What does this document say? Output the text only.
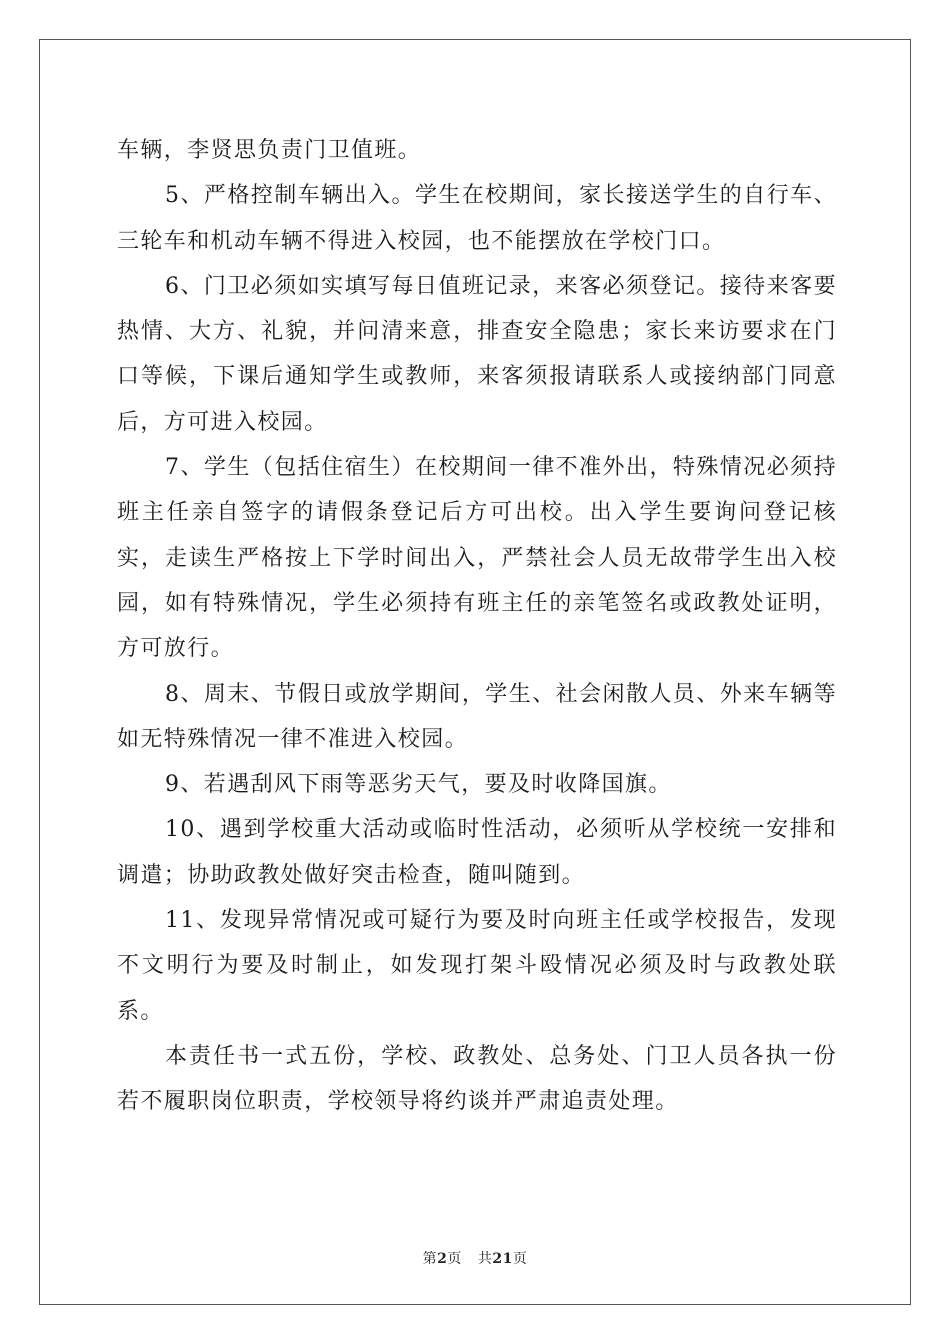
车辆，李贤思负责门卫值班。

5、严格控制车辆出入。学生在校期间，家长接送学生的自行车、三轮车和机动车辆不得进入校园，也不能摆放在学校门口。

6、门卫必须如实填写每日值班记录，来客必须登记。接待来客要热情、大方、礼貌，并问清来意，排查安全隐患；家长来访要求在门口等候，下课后通知学生或教师，来客须报请联系人或接纳部门同意后，方可进入校园。

7、学生（包括住宿生）在校期间一律不准外出，特殊情况必须持班主任亲自签字的请假条登记后方可出校。出入学生要询问登记核实，走读生严格按上下学时间出入，严禁社会人员无故带学生出入校园，如有特殊情况，学生必须持有班主任的亲笔签名或政教处证明，方可放行。

8、周末、节假日或放学期间，学生、社会闲散人员、外来车辆等如无特殊情况一律不准进入校园。

9、若遇刮风下雨等恶劣天气，要及时收降国旗。

10、遇到学校重大活动或临时性活动，必须听从学校统一安排和调遣；协助政教处做好突击检查，随叫随到。

11、发现异常情况或可疑行为要及时向班主任或学校报告，发现不文明行为要及时制止，如发现打架斗殴情况必须及时与政教处联系。

本责任书一式五份，学校、政教处、总务处、门卫人员各执一份若不履职岗位职责，学校领导将约谈并严肃追责处理。

第2页 共21页
